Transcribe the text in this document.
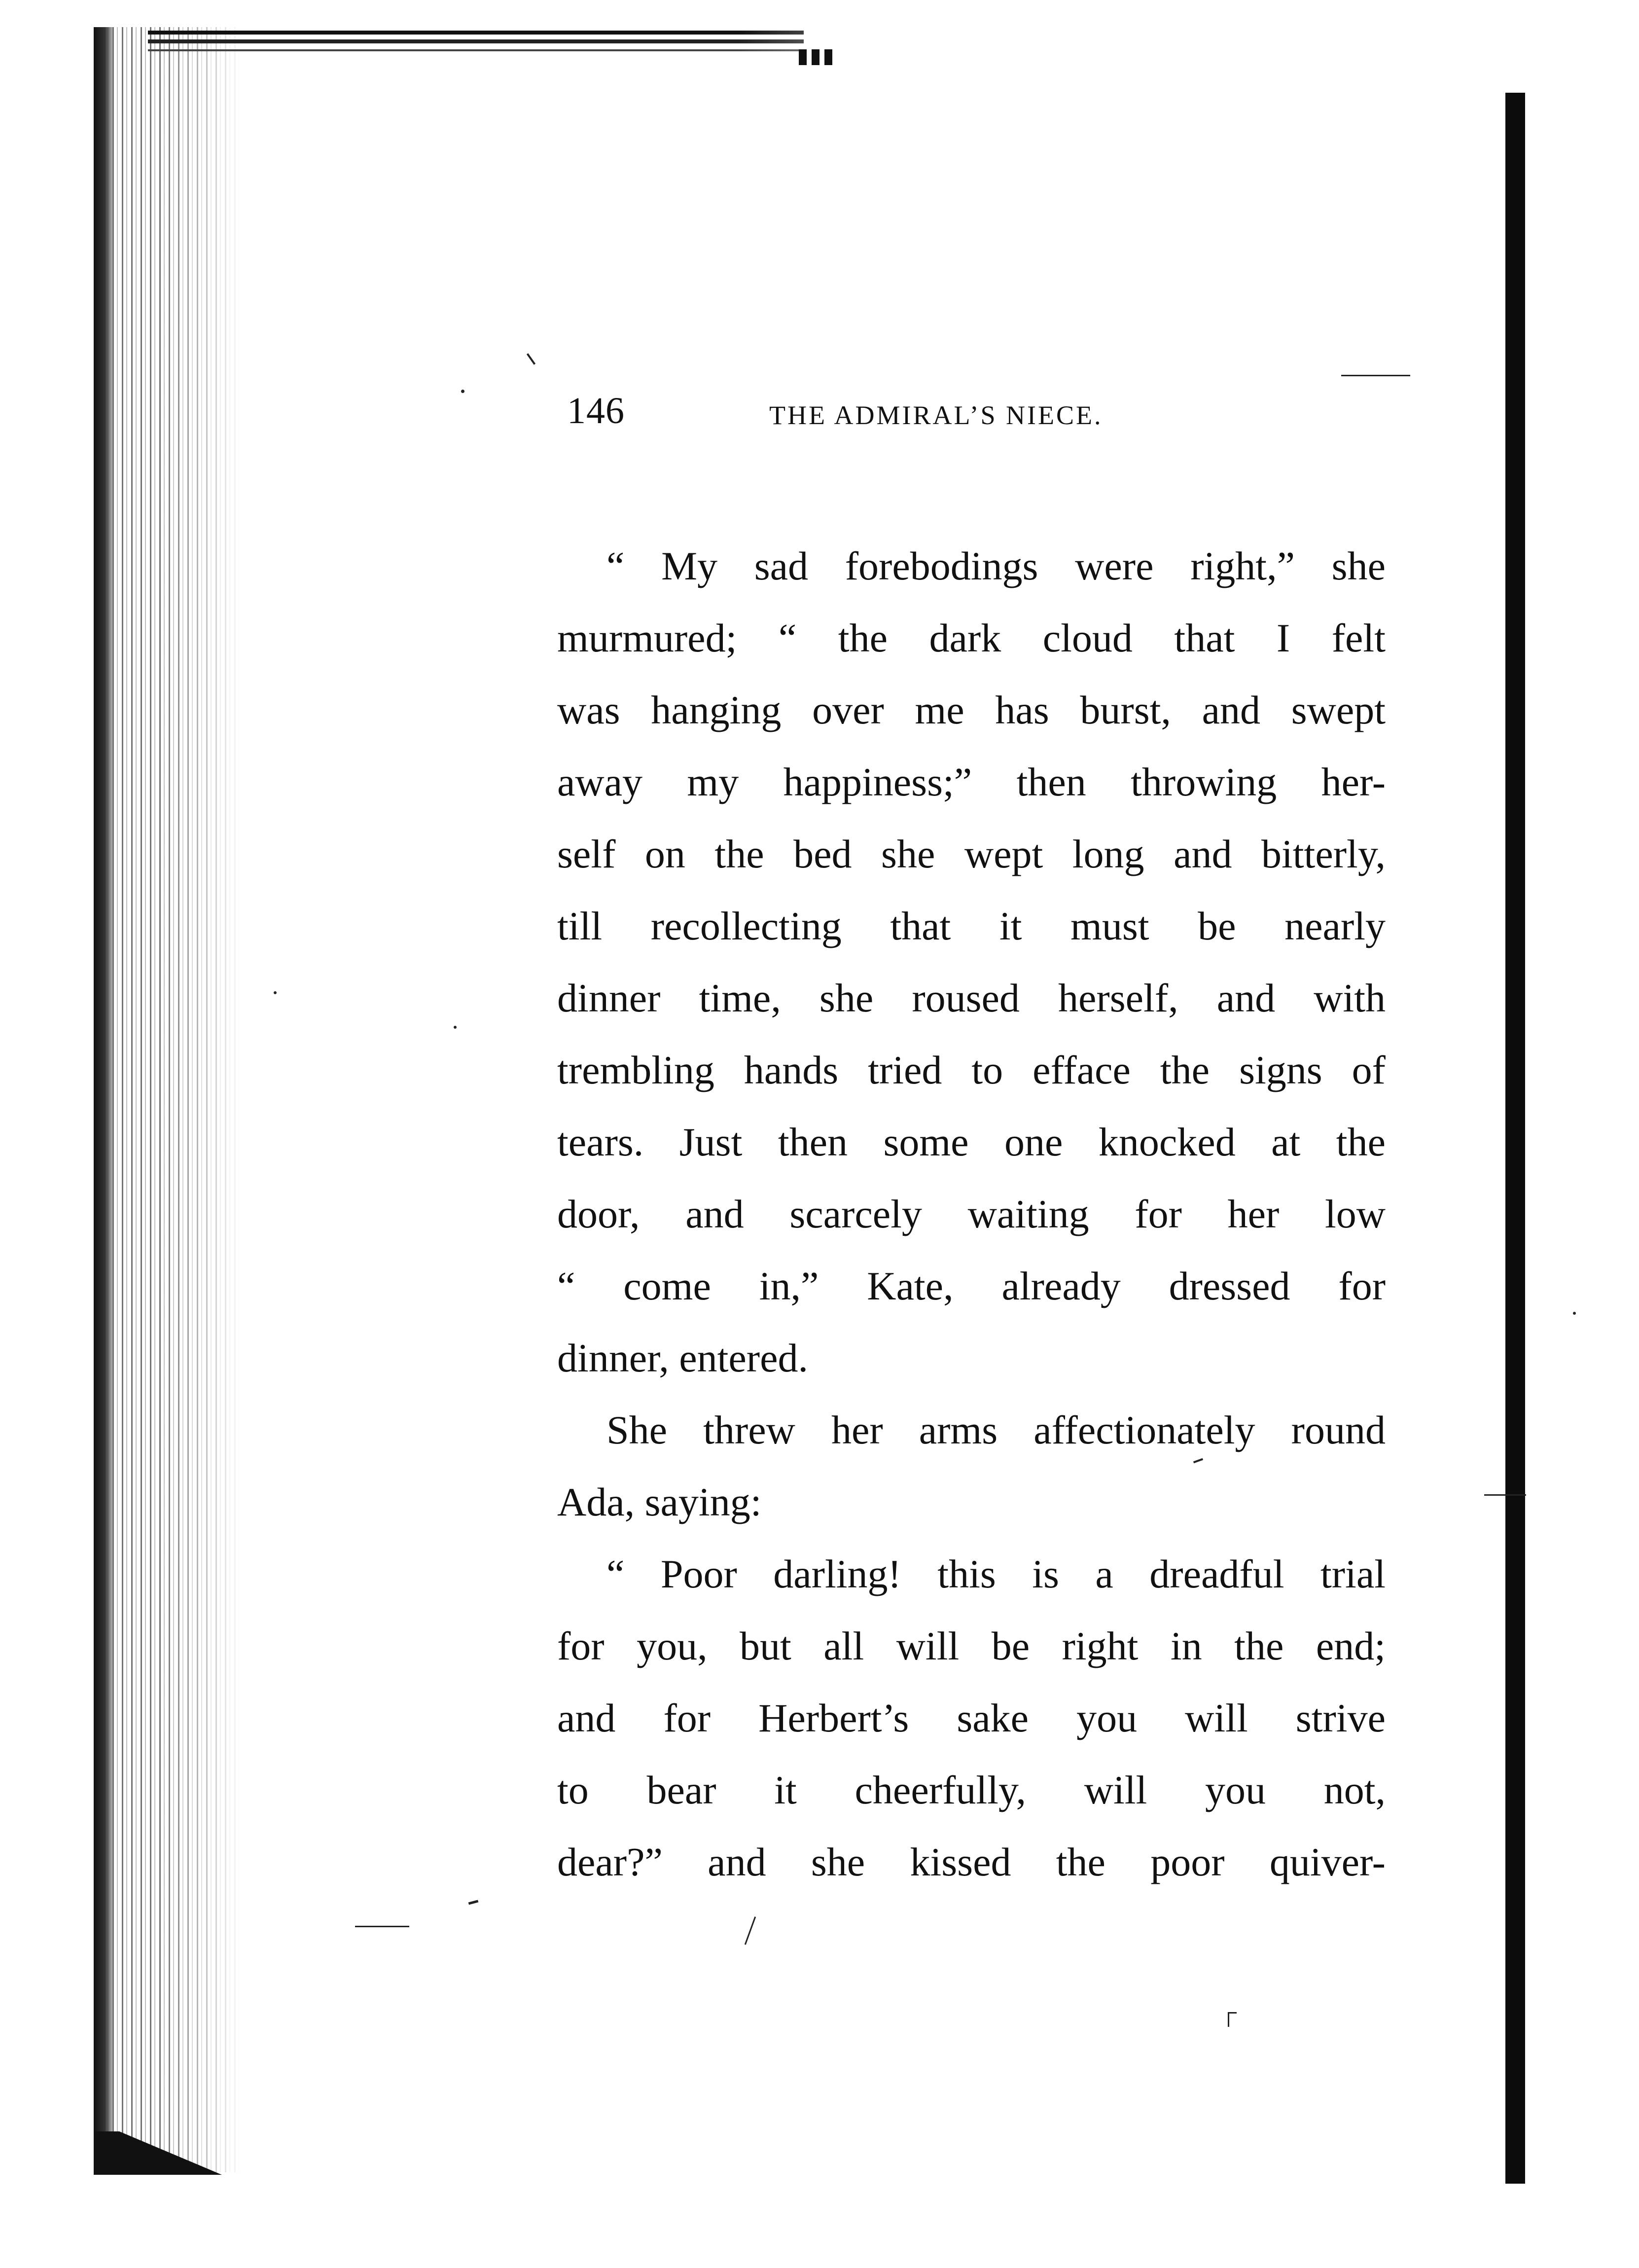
146	THE ADMIRAL’S NIECE.
“ My sad forebodings were right,” she
murmured; “ the dark cloud that I felt
was hanging over me has burst, and swept
away my happiness;” then throwing her-
self on the bed she wept long and bitterly,
till recollecting that it must be nearly
dinner time, she roused herself, and with
trembling hands tried to efface the signs of
tears. Just then some one knocked at the
door, and scarcely waiting for her low
“ come in,” Kate, already dressed for
dinner, entered.
She threw her arms affectionately round
Ada, saying:
“ Poor darling! this is a dreadful trial
for you, but all will be right in the end;
and for Herbert’s sake you will strive
to bear it cheerfully, will you not,
dear?” and she kissed the poor quiver-
